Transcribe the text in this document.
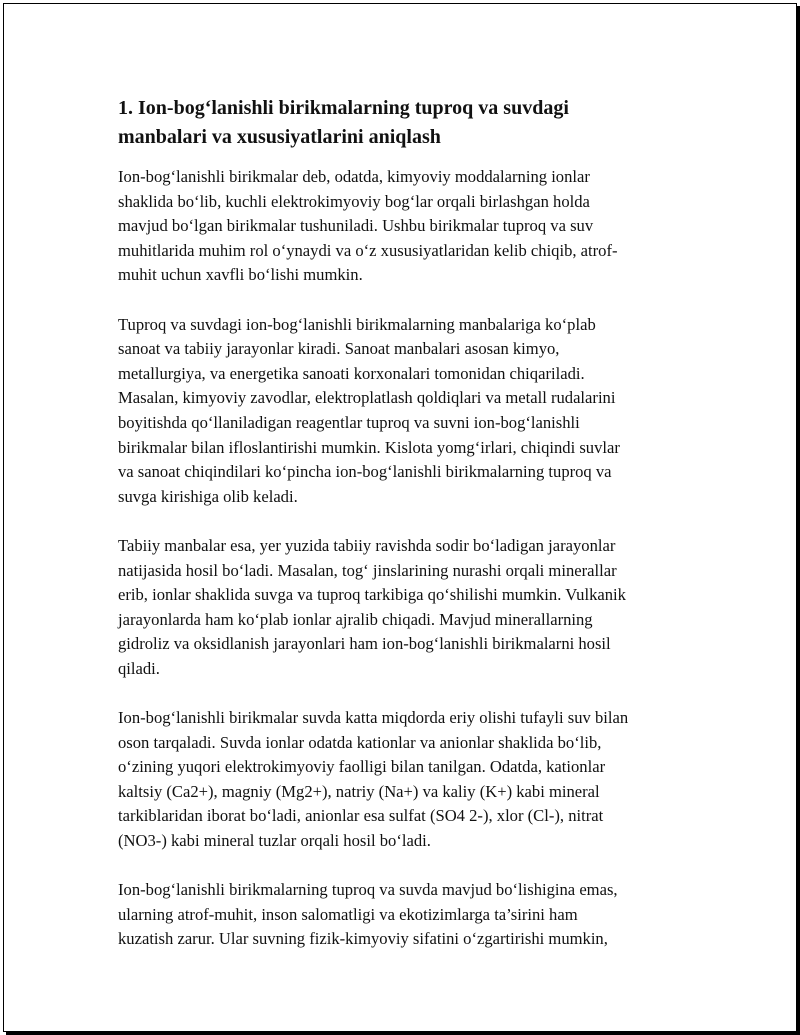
1. Ion-bog‘lanishli birikmalarning tuproq va suvdagi
manbalari va xususiyatlarini aniqlash

Ion-bog‘lanishli birikmalar deb, odatda, kimyoviy moddalarning ionlar
shaklida bo‘lib, kuchli elektrokimyoviy bog‘lar orqali birlashgan holda
mavjud bo‘lgan birikmalar tushuniladi. Ushbu birikmalar tuproq va suv
muhitlarida muhim rol o‘ynaydi va o‘z xususiyatlaridan kelib chiqib, atrof-
muhit uchun xavfli bo‘lishi mumkin.

Tuproq va suvdagi ion-bog‘lanishli birikmalarning manbalariga ko‘plab
sanoat va tabiiy jarayonlar kiradi. Sanoat manbalari asosan kimyo,
metallurgiya, va energetika sanoati korxonalari tomonidan chiqariladi.
Masalan, kimyoviy zavodlar, elektroplatlash qoldiqlari va metall rudalarini
boyitishda qo‘llaniladigan reagentlar tuproq va suvni ion-bog‘lanishli
birikmalar bilan ifloslantirishi mumkin. Kislota yomg‘irlari, chiqindi suvlar
va sanoat chiqindilari ko‘pincha ion-bog‘lanishli birikmalarning tuproq va
suvga kirishiga olib keladi.

Tabiiy manbalar esa, yer yuzida tabiiy ravishda sodir bo‘ladigan jarayonlar
natijasida hosil bo‘ladi. Masalan, tog‘ jinslarining nurashi orqali minerallar
erib, ionlar shaklida suvga va tuproq tarkibiga qo‘shilishi mumkin. Vulkanik
jarayonlarda ham ko‘plab ionlar ajralib chiqadi. Mavjud minerallarning
gidroliz va oksidlanish jarayonlari ham ion-bog‘lanishli birikmalarni hosil
qiladi.

Ion-bog‘lanishli birikmalar suvda katta miqdorda eriy olishi tufayli suv bilan
oson tarqaladi. Suvda ionlar odatda kationlar va anionlar shaklida bo‘lib,
o‘zining yuqori elektrokimyoviy faolligi bilan tanilgan. Odatda, kationlar
kaltsiy (Ca2+), magniy (Mg2+), natriy (Na+) va kaliy (K+) kabi mineral
tarkiblaridan iborat bo‘ladi, anionlar esa sulfat (SO4 2-), xlor (Cl-), nitrat
(NO3-) kabi mineral tuzlar orqali hosil bo‘ladi.

Ion-bog‘lanishli birikmalarning tuproq va suvda mavjud bo‘lishigina emas,
ularning atrof-muhit, inson salomatligi va ekotizimlarga ta’sirini ham
kuzatish zarur. Ular suvning fizik-kimyoviy sifatini o‘zgartirishi mumkin,
